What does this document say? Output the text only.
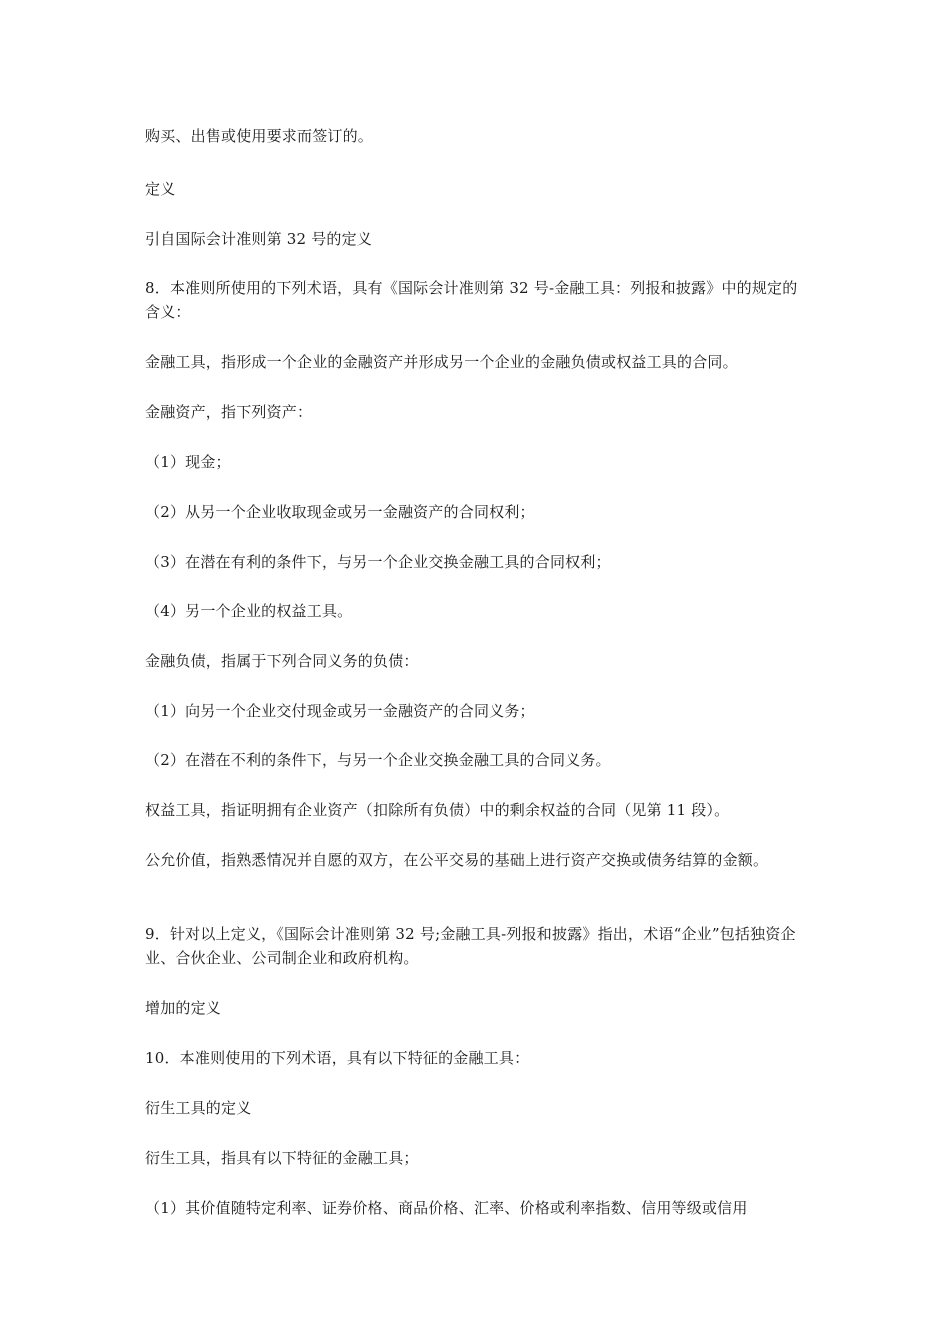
购买、出售或使用要求而签订的。

定义

引自国际会计准则第 32 号的定义

8．本准则所使用的下列术语，具有《国际会计准则第 32 号-金融工具：列报和披露》中的规定的含义：

金融工具，指形成一个企业的金融资产并形成另一个企业的金融负债或权益工具的合同。

金融资产，指下列资产：

（1）现金；

（2）从另一个企业收取现金或另一金融资产的合同权利；

（3）在潜在有利的条件下，与另一个企业交换金融工具的合同权利；

（4）另一个企业的权益工具。

金融负债，指属于下列合同义务的负债：

（1）向另一个企业交付现金或另一金融资产的合同义务；

（2）在潜在不利的条件下，与另一个企业交换金融工具的合同义务。

权益工具，指证明拥有企业资产（扣除所有负债）中的剩余权益的合同（见第 11 段）。

公允价值，指熟悉情况并自愿的双方，在公平交易的基础上进行资产交换或债务结算的金额。

9．针对以上定义，《国际会计准则第 32 号;金融工具-列报和披露》指出，术语“企业”包括独资企业、合伙企业、公司制企业和政府机构。

增加的定义

10．本准则使用的下列术语，具有以下特征的金融工具：

衍生工具的定义

衍生工具，指具有以下特征的金融工具；

（1）其价值随特定利率、证券价格、商品价格、汇率、价格或利率指数、信用等级或信用
